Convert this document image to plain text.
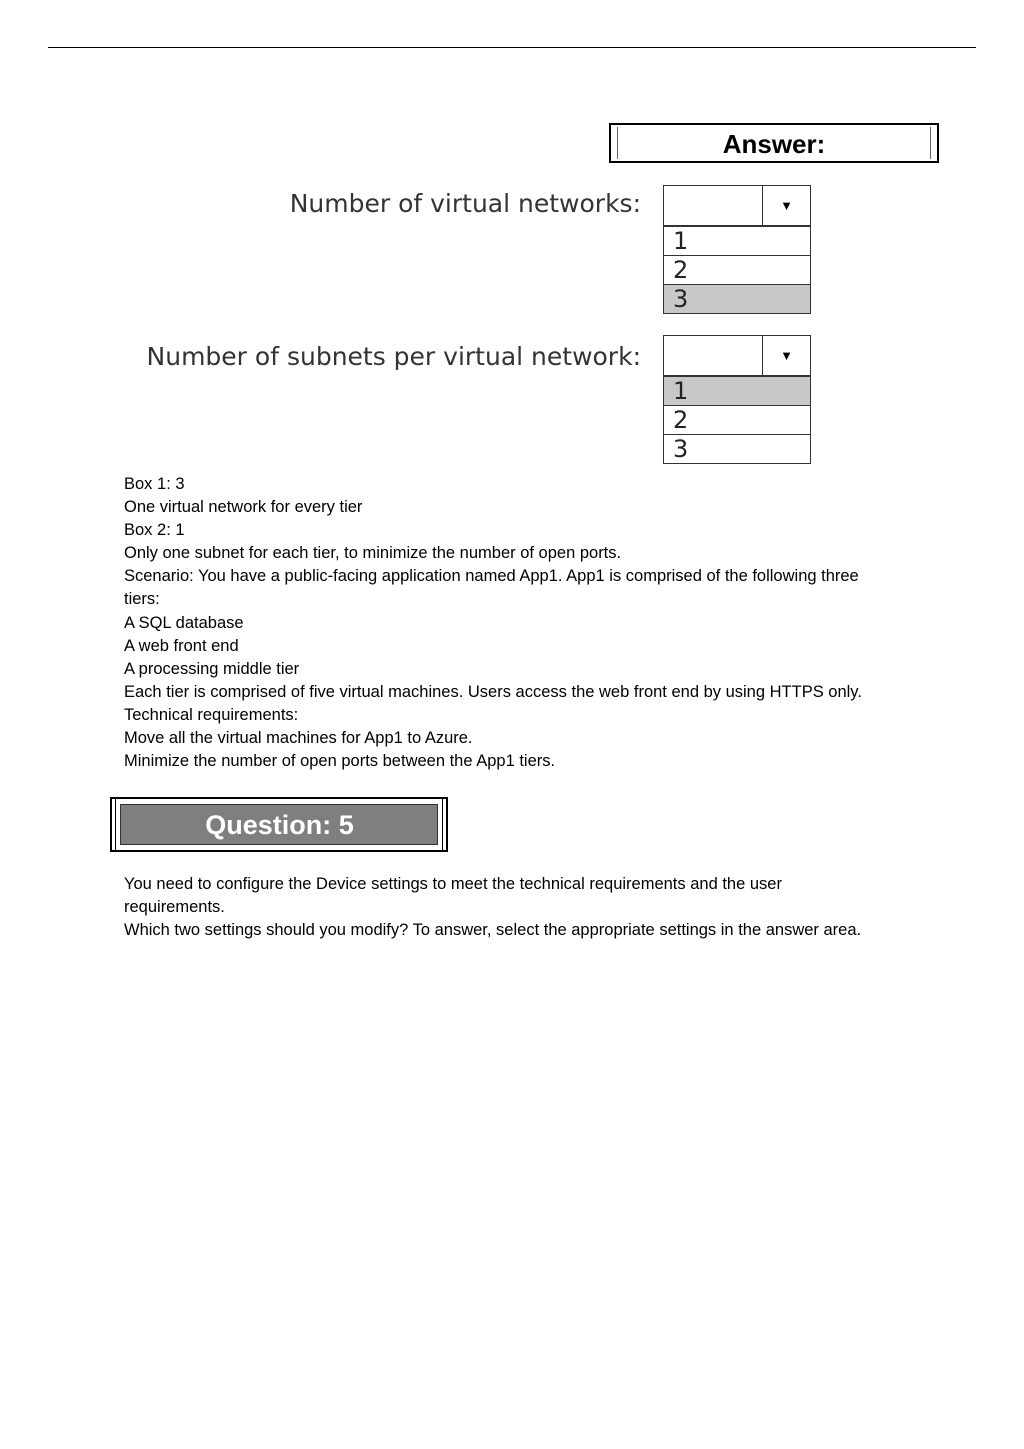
Answer:
Number of virtual networks:	▼
1
2
3
Number of subnets per virtual network:	▼
1
2
3
Box 1: 3
One virtual network for every tier
Box 2: 1
Only one subnet for each tier, to minimize the number of open ports.
Scenario: You have a public-facing application named App1. App1 is comprised of the following three
tiers:
A SQL database
A web front end
A processing middle tier
Each tier is comprised of five virtual machines. Users access the web front end by using HTTPS only.
Technical requirements:
Move all the virtual machines for App1 to Azure.
Minimize the number of open ports between the App1 tiers.
Question: 5
You need to configure the Device settings to meet the technical requirements and the user
requirements.
Which two settings should you modify? To answer, select the appropriate settings in the answer area.
